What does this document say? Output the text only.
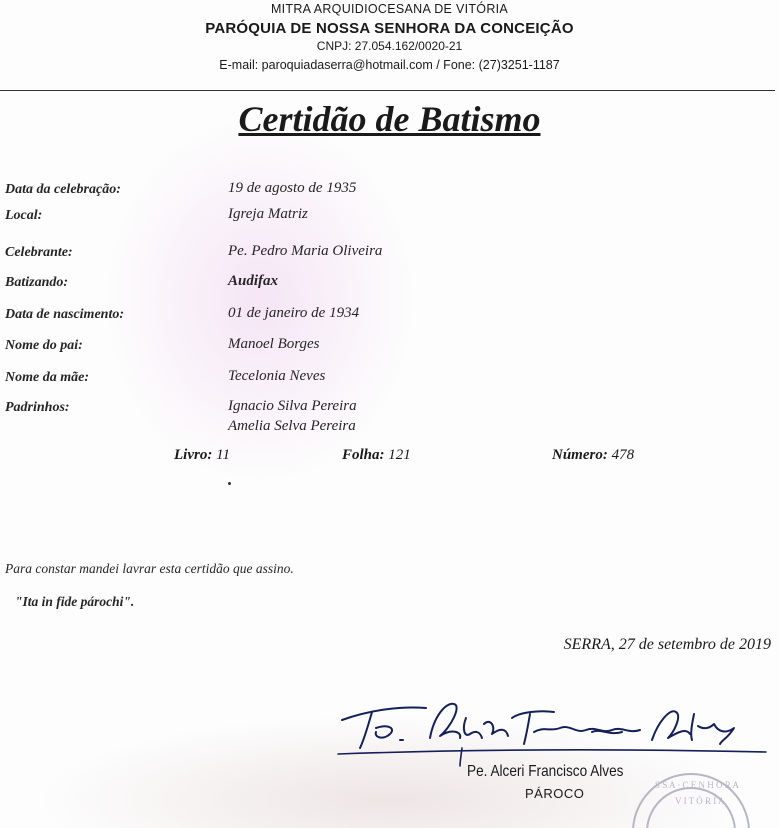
MITRA ARQUIDIOCESANA DE VITÓRIA
PARÓQUIA DE NOSSA SENHORA DA CONCEIÇÃO
CNPJ: 27.054.162/0020-21
E-mail: paroquiadaserra@hotmail.com / Fone: (27)3251-1187
Certidão de Batismo
Data da celebração:	19 de agosto de 1935
Local:	Igreja Matriz
Celebrante:	Pe. Pedro Maria Oliveira
Batizando:	Audifax
Data de nascimento:	01 de janeiro de 1934
Nome do pai:	Manoel Borges
Nome da mãe:	Tecelonia Neves
Padrinhos:	Ignacio Silva Pereira
Amelia Selva Pereira
Livro: 11	Folha: 121	Número: 478
Para constar mandei lavrar esta certidão que assino.
"Ita in fide párochi".
SERRA, 27 de setembro de 2019
Pe. Alceri Francisco Alves
PÁROCO
S S A · C E N H O R A
V I T Ó R I A
